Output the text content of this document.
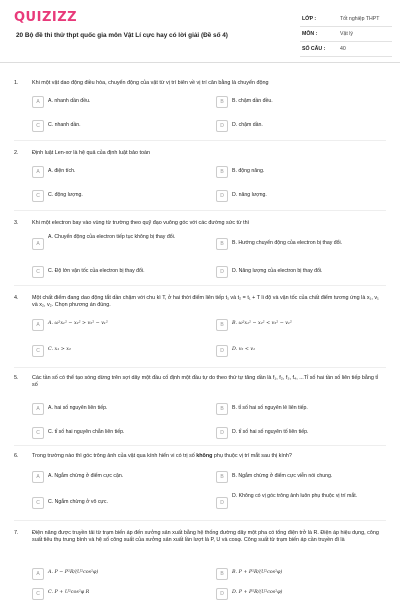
QUIZIZZ
20 Bộ đề thi thử thpt quốc gia môn Vật Lí cực hay có lời giải (Đề số 4)
LỚP :	Tốt nghiệp THPT
MÔN :	Vật lý
SỐ CÂU :	40
1.	Khi một vật dao động điều hòa, chuyển động của vật từ vị trí biên về vị trí cân bằng là chuyển động
A	A. nhanh dần đều.	B	B. chậm dần đều.
C	C. nhanh dần.	D	D. chậm dần.
2.	Định luật Len-xơ là hệ quả của định luật bảo toàn
A	A. điện tích.	B	B. động năng.
C	C. động lượng.	D	D. năng lượng.
3.	Khi một electron bay vào vùng từ trường theo quỹ đạo vuông góc với các đường sức từ thì
A
A. Chuyển động của electron tiếp tục không bị thay đổi.
B	B. Hướng chuyển động của electron bị thay đổi.
C	C. Độ lớn vận tốc của electron bị thay đổi.	D	D. Năng lượng của electron bị thay đổi.
4.	Một chất điểm đang dao động tắt dần chậm với chu kì T, ở hai thời điểm liên tiếp t₁ và t₂ = t₁ + T li độ và vận tốc của chất điểm tương ứng là x₁, v₁ và x₂, v₂. Chọn phương án đúng.
A	A. ω²x₁² − x₂² > v₂² − v₁²	B	B. ω²x₁² − x₂² < v₂² − v₁²
C	C. x₁ > x₂	D	D. v₂ < v₁
5.	Các tần số có thể tạo sóng dừng trên sợi dây một đầu cố định một đầu tự do theo thứ tự tăng dần là f₁, f₂, f₃, f₄, ...Tỉ số hai tần số liên tiếp bằng tỉ số
A	A. hai số nguyên liên tiếp.	B	B. tỉ số hai số nguyên lẻ liên tiếp.
C	C. tỉ số hai nguyên chẵn liên tiếp.	D	D. tỉ số hai số nguyên tố liên tiếp.
6.	Trong trường nào thì góc trông ảnh của vật qua kính hiển vi có trị số không phụ thuộc vị trí mắt sau thị kính?
A	A. Ngắm chừng ở điểm cực cận.	B	B. Ngắm chừng ở điểm cực viễn nói chung.
C	C. Ngắm chừng ở vô cực.	D
D. Không có vị góc trông ảnh luôn phụ thuộc vị trí mắt.
7.	Điện năng được truyền tải từ trạm biến áp đến xưởng sản xuất bằng hệ thống đường dây một pha có tổng điện trở là R. Điện áp hiệu dụng, công suất tiêu thụ trung bình và hệ số công suất của xưởng sản xuất lần lượt là P, U và cosφ. Công suất từ trạm biến áp cần truyền đi là
A	A. P − P²R/(U²cos²φ)	B	B. P + P²R/(U²cos²φ)
C	C. P + U²cos²φ R	D	D. P + P²R/(U²cos²φ)
